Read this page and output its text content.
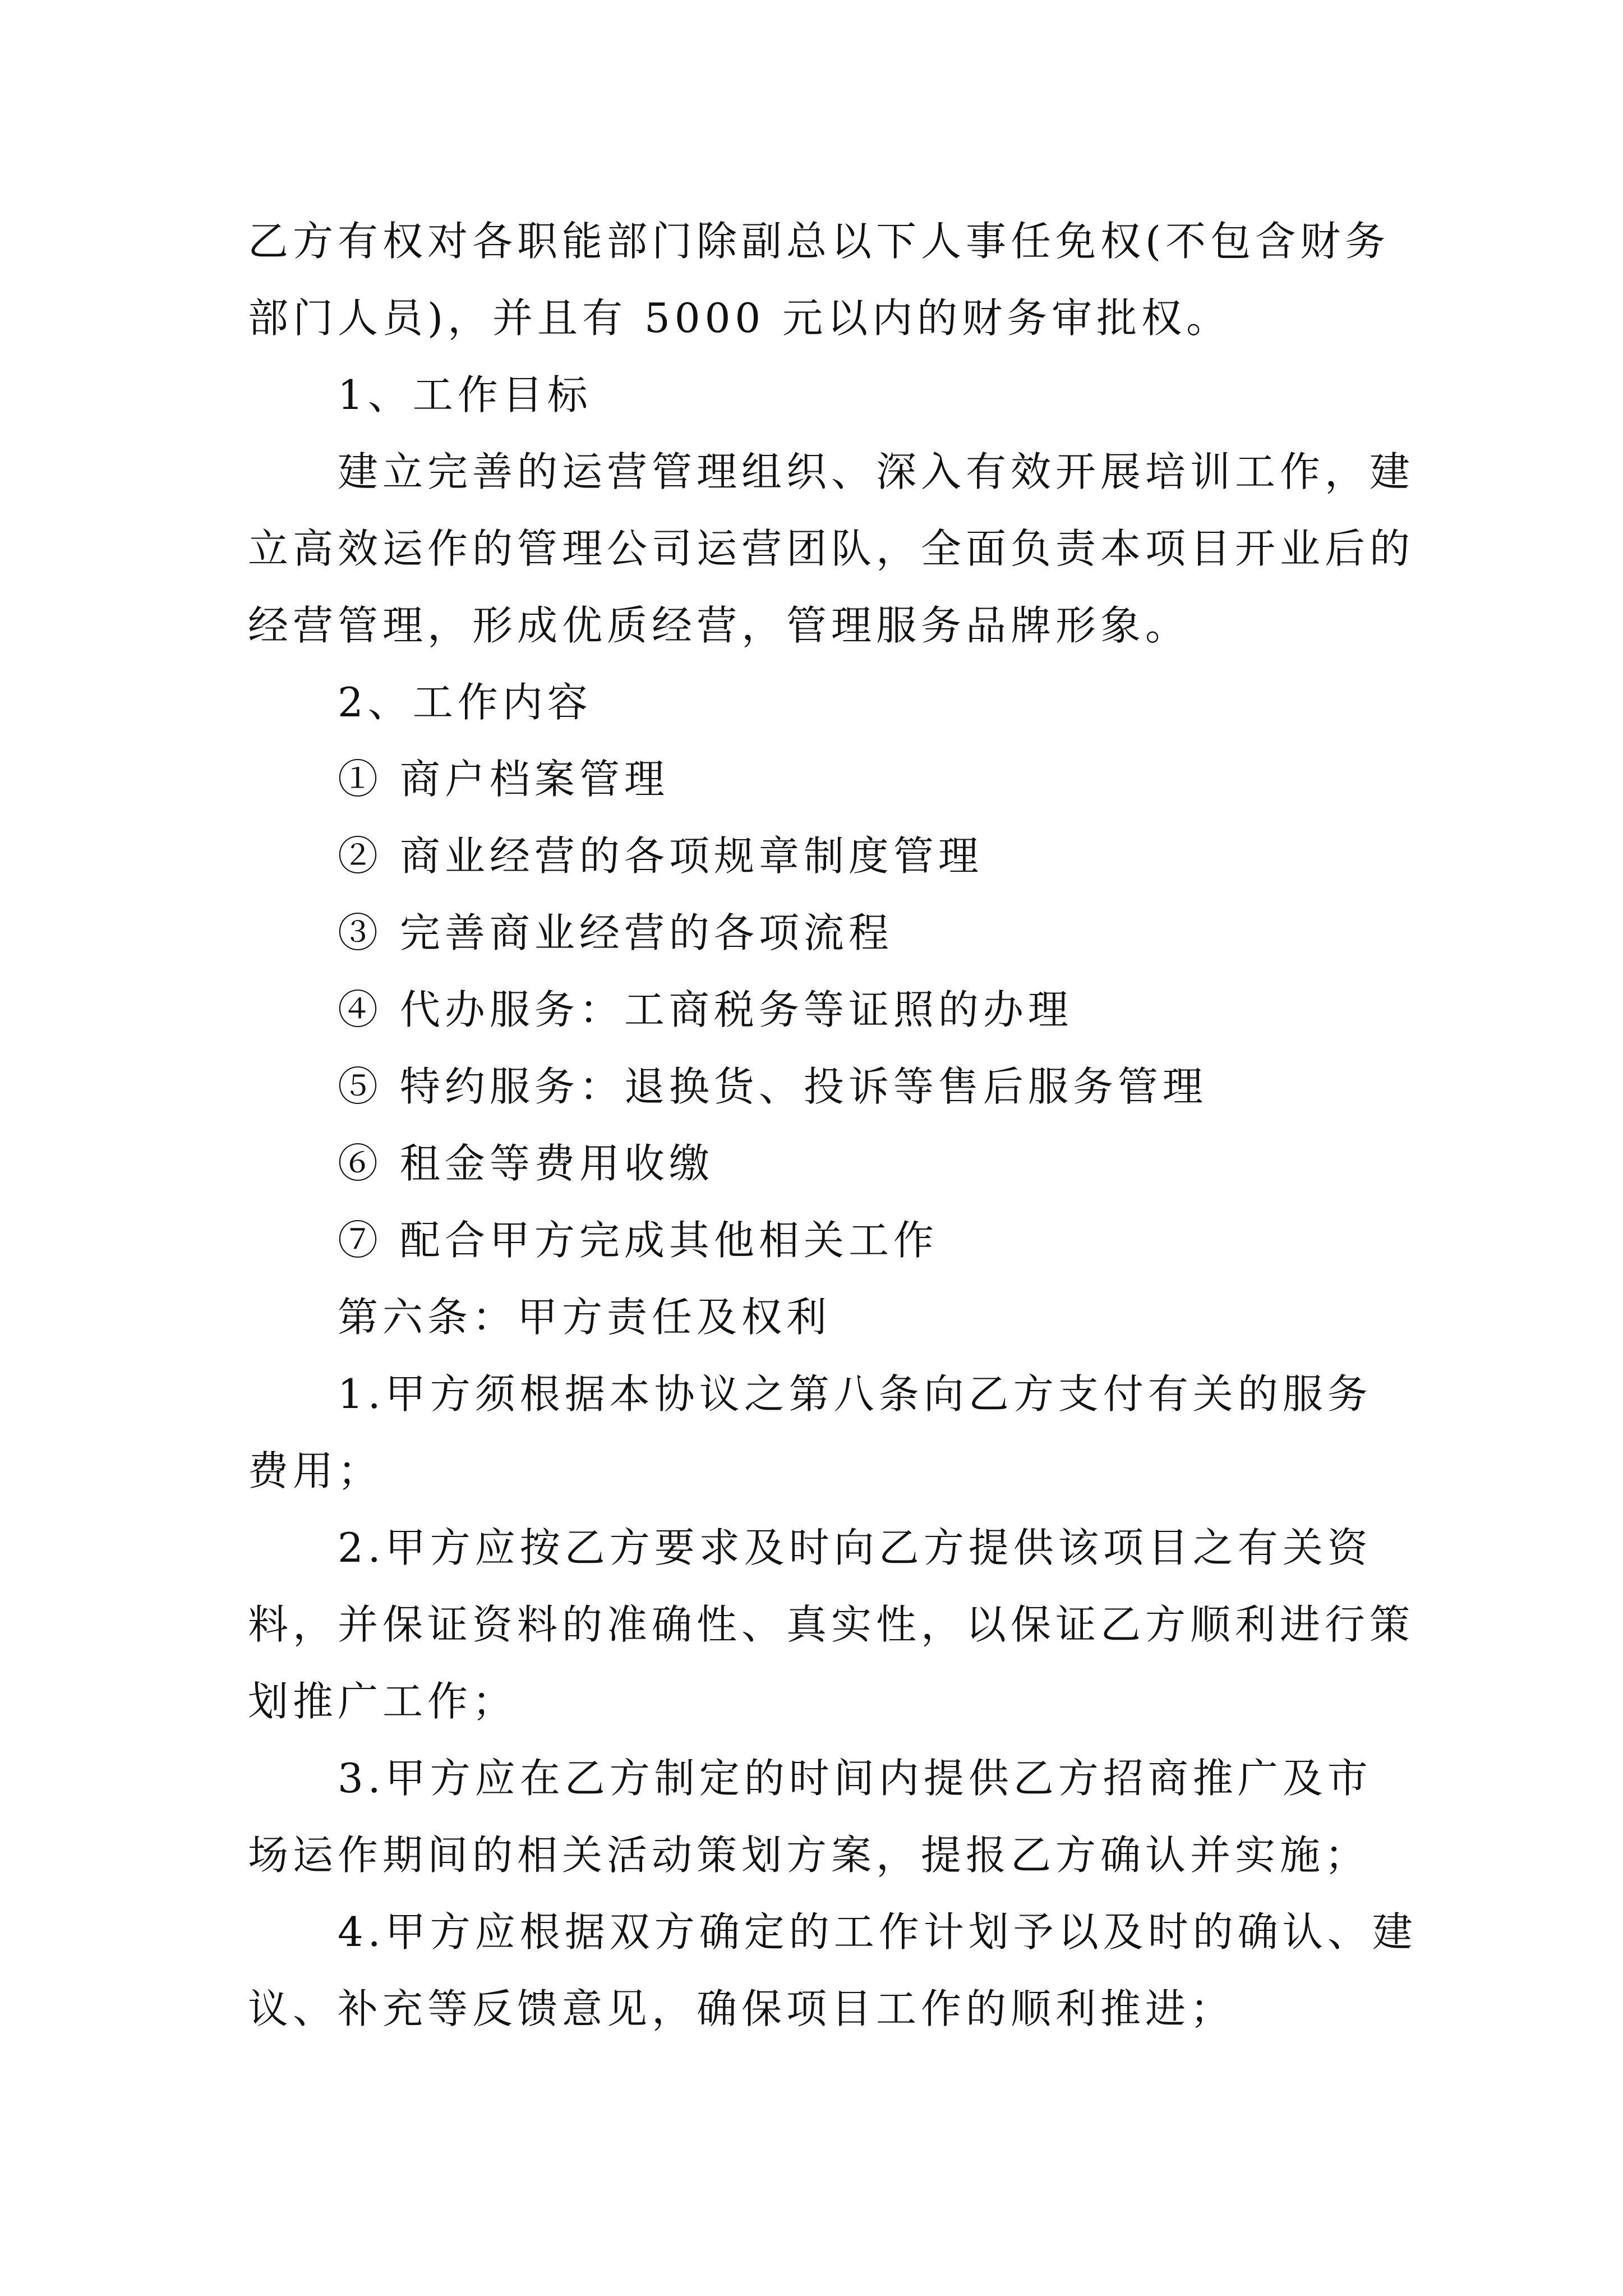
乙方有权对各职能部门除副总以下人事任免权(不包含财务

部门人员)，并且有 5000 元以内的财务审批权。

1、工作目标

建立完善的运营管理组织、深入有效开展培训工作，建

立高效运作的管理公司运营团队，全面负责本项目开业后的

经营管理，形成优质经营，管理服务品牌形象。

2、工作内容

① 商户档案管理

② 商业经营的各项规章制度管理

③ 完善商业经营的各项流程

④ 代办服务：工商税务等证照的办理

⑤ 特约服务：退换货、投诉等售后服务管理

⑥ 租金等费用收缴

⑦ 配合甲方完成其他相关工作

第六条：甲方责任及权利

1.甲方须根据本协议之第八条向乙方支付有关的服务

费用；

2.甲方应按乙方要求及时向乙方提供该项目之有关资

料，并保证资料的准确性、真实性，以保证乙方顺利进行策

划推广工作；

3.甲方应在乙方制定的时间内提供乙方招商推广及市

场运作期间的相关活动策划方案，提报乙方确认并实施；

4.甲方应根据双方确定的工作计划予以及时的确认、建

议、补充等反馈意见，确保项目工作的顺利推进；
